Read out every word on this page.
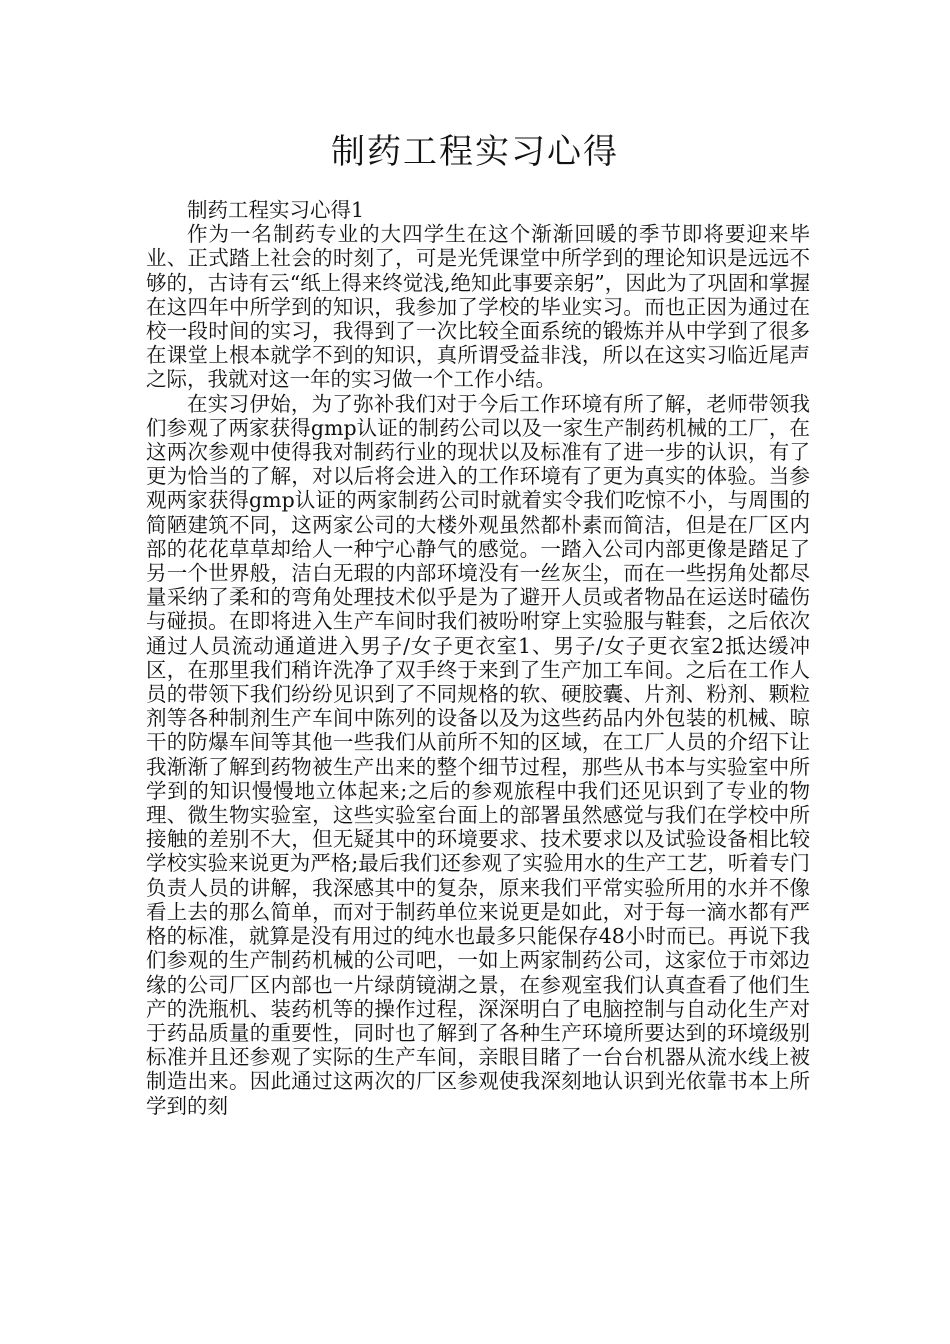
制药工程实习心得

制药工程实习心得1

作为一名制药专业的大四学生在这个渐渐回暖的季节即将要迎来毕业、正式踏上社会的时刻了，可是光凭课堂中所学到的理论知识是远远不够的，古诗有云“纸上得来终觉浅,绝知此事要亲躬”，因此为了巩固和掌握在这四年中所学到的知识，我参加了学校的毕业实习。而也正因为通过在校一段时间的实习，我得到了一次比较全面系统的锻炼并从中学到了很多在课堂上根本就学不到的知识，真所谓受益非浅，所以在这实习临近尾声之际，我就对这一年的实习做一个工作小结。

在实习伊始，为了弥补我们对于今后工作环境有所了解，老师带领我们参观了两家获得gmp认证的制药公司以及一家生产制药机械的工厂，在这两次参观中使得我对制药行业的现状以及标准有了进一步的认识，有了更为恰当的了解，对以后将会进入的工作环境有了更为真实的体验。当参观两家获得gmp认证的两家制药公司时就着实令我们吃惊不小，与周围的简陋建筑不同，这两家公司的大楼外观虽然都朴素而简洁，但是在厂区内部的花花草草却给人一种宁心静气的感觉。一踏入公司内部更像是踏足了另一个世界般，洁白无瑕的内部环境没有一丝灰尘，而在一些拐角处都尽量采纳了柔和的弯角处理技术似乎是为了避开人员或者物品在运送时磕伤与碰损。在即将进入生产车间时我们被吩咐穿上实验服与鞋套，之后依次通过人员流动通道进入男子/女子更衣室1、男子/女子更衣室2抵达缓冲区，在那里我们稍许洗净了双手终于来到了生产加工车间。之后在工作人员的带领下我们纷纷见识到了不同规格的软、硬胶囊、片剂、粉剂、颗粒剂等各种制剂生产车间中陈列的设备以及为这些药品内外包装的机械、晾干的防爆车间等其他一些我们从前所不知的区域，在工厂人员的介绍下让我渐渐了解到药物被生产出来的整个细节过程，那些从书本与实验室中所学到的知识慢慢地立体起来;之后的参观旅程中我们还见识到了专业的物理、微生物实验室，这些实验室台面上的部署虽然感觉与我们在学校中所接触的差别不大，但无疑其中的环境要求、技术要求以及试验设备相比较学校实验来说更为严格;最后我们还参观了实验用水的生产工艺，听着专门负责人员的讲解，我深感其中的复杂，原来我们平常实验所用的水并不像看上去的那么简单，而对于制药单位来说更是如此，对于每一滴水都有严格的标准，就算是没有用过的纯水也最多只能保存48小时而已。再说下我们参观的生产制药机械的公司吧，一如上两家制药公司，这家位于市郊边缘的公司厂区内部也一片绿荫镜湖之景，在参观室我们认真查看了他们生产的洗瓶机、装药机等的操作过程，深深明白了电脑控制与自动化生产对于药品质量的重要性，同时也了解到了各种生产环境所要达到的环境级别标准并且还参观了实际的生产车间，亲眼目睹了一台台机器从流水线上被制造出来。因此通过这两次的厂区参观使我深刻地认识到光依靠书本上所学到的刻
